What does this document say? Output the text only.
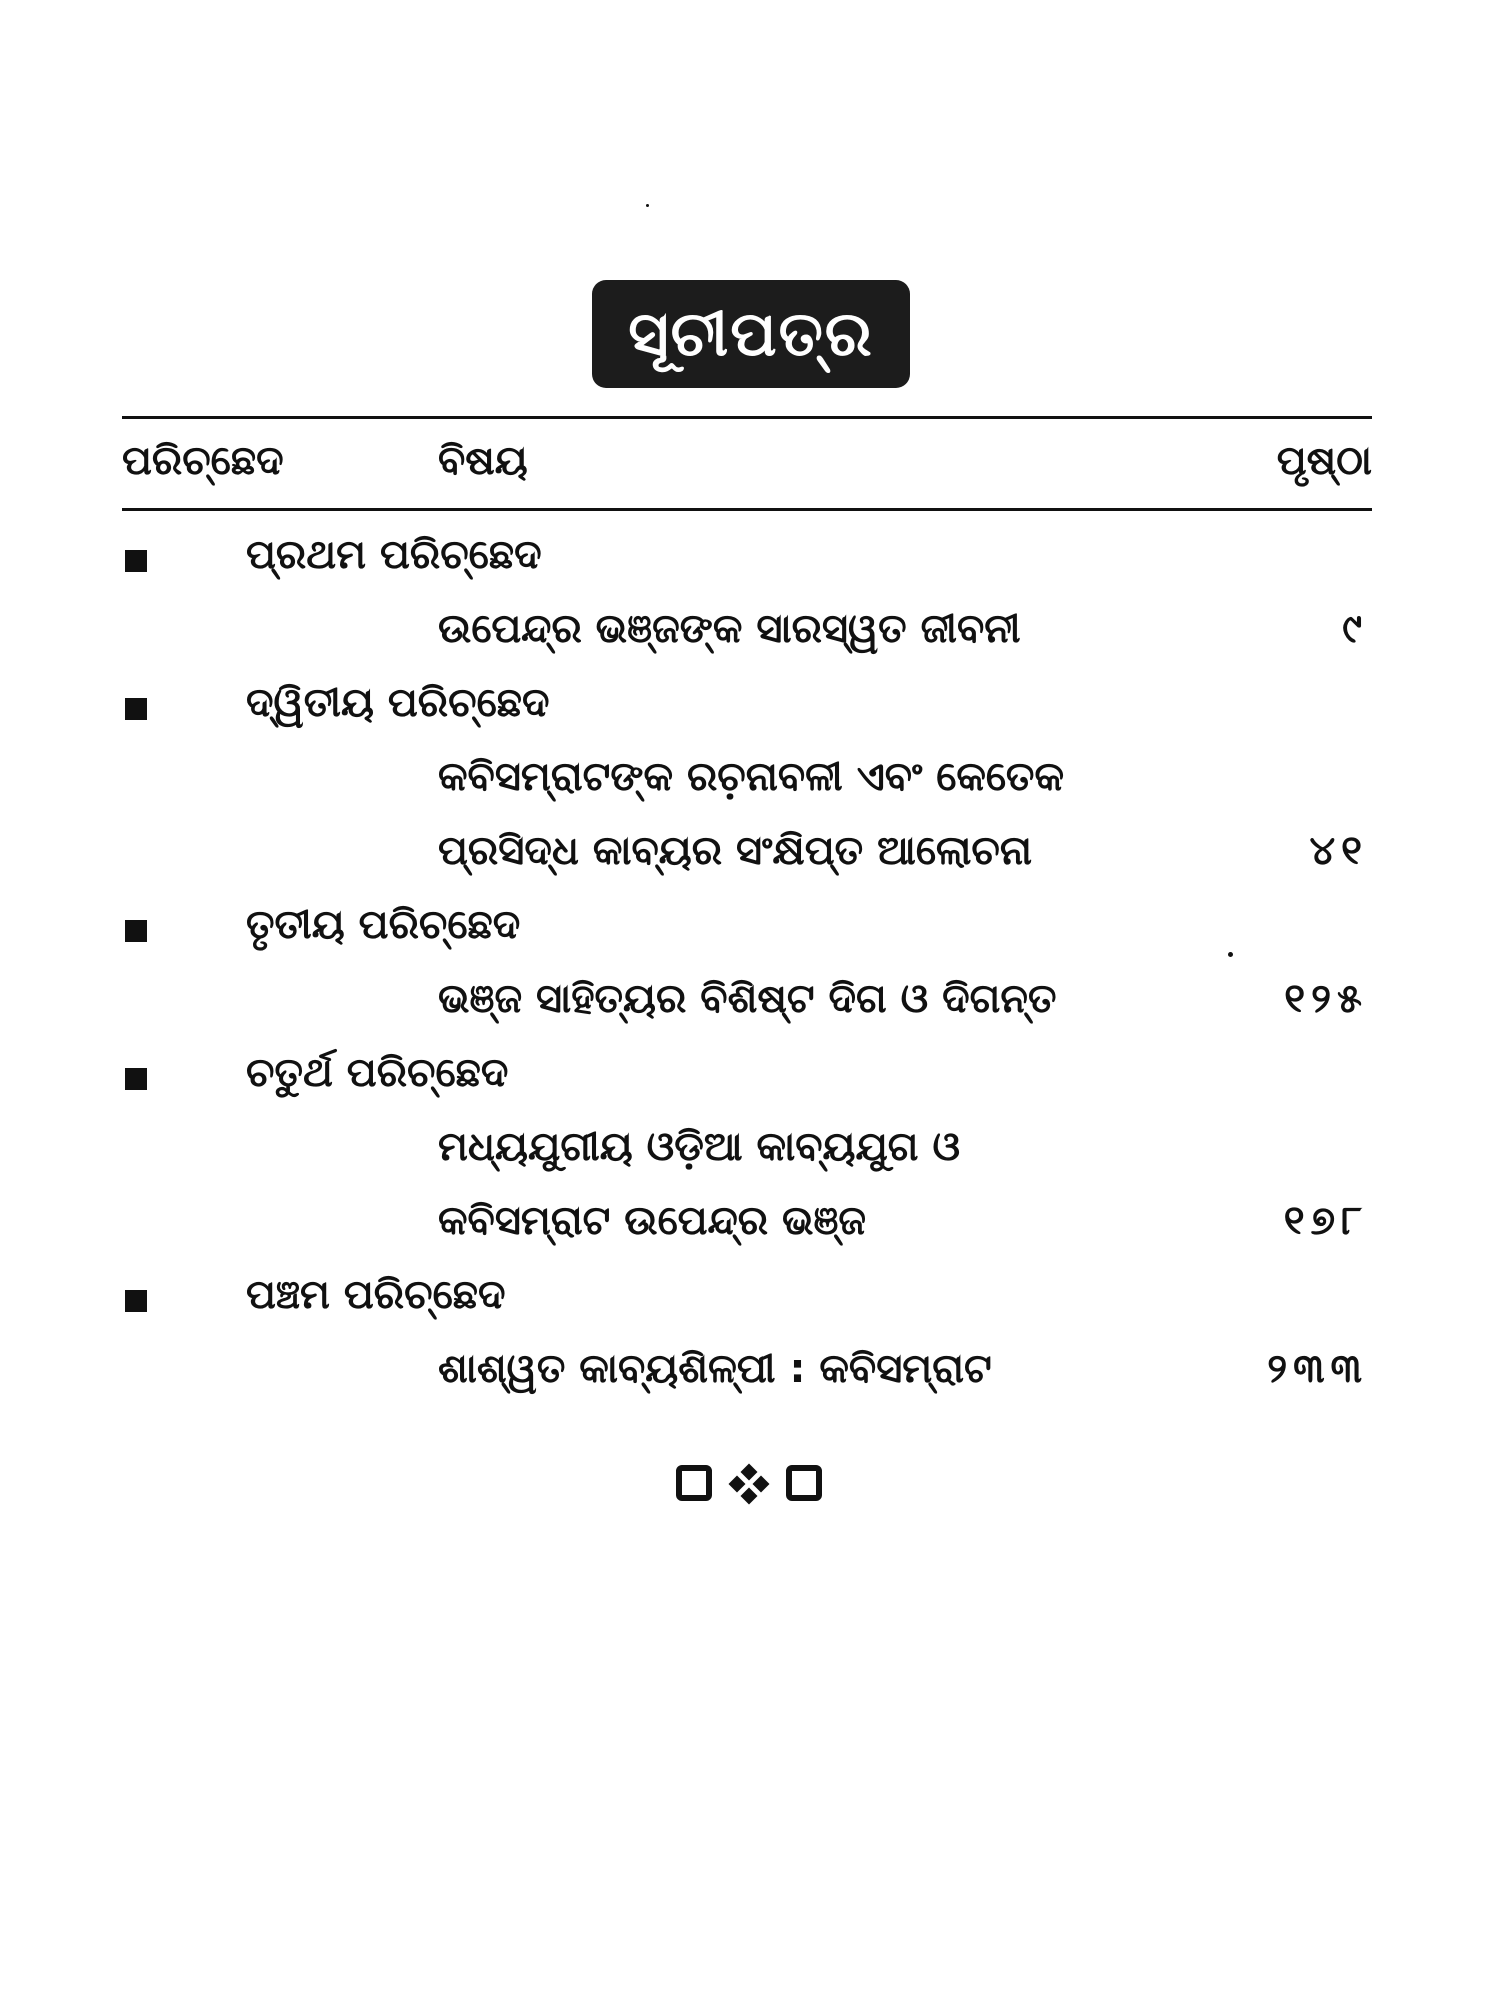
ସୂଚୀପତ୍ର
ପରିଚ୍ଛେଦ	ବିଷୟ	ପୃଷ୍ଠା
ପ୍ରଥମ ପରିଚ୍ଛେଦ
ଉପେନ୍ଦ୍ର ଭଞ୍ଜଙ୍କ ସାରସ୍ୱତ ଜୀବନୀ	୯
ଦ୍ୱିତୀୟ ପରିଚ୍ଛେଦ
କବିସମ୍ରାଟଙ୍କ ରଚ଼ନାବଳୀ ଏବଂ କେତେକ
ପ୍ରସିଦ୍ଧ କାବ୍ୟର ସଂକ୍ଷିପ୍ତ ଆଲୋଚନା	୪୧
ତୃତୀୟ ପରିଚ୍ଛେଦ
ଭଞ୍ଜ ସାହିତ୍ୟର ବିଶିଷ୍ଟ ଦିଗ ଓ ଦିଗନ୍ତ	୧୨୫
ଚତୁର୍ଥ ପରିଚ୍ଛେଦ
ମଧ୍ୟଯୁଗୀୟ ଓଡ଼ିଆ କାବ୍ୟଯୁଗ ଓ
କବିସମ୍ରାଟ ଉପେନ୍ଦ୍ର ଭଞ୍ଜ	୧୭୮
ପଞ୍ଚମ ପରିଚ୍ଛେଦ
ଶାଶ୍ୱତ କାବ୍ୟଶିଳ୍ପୀ : କବିସମ୍ରାଟ	୨୩୩
